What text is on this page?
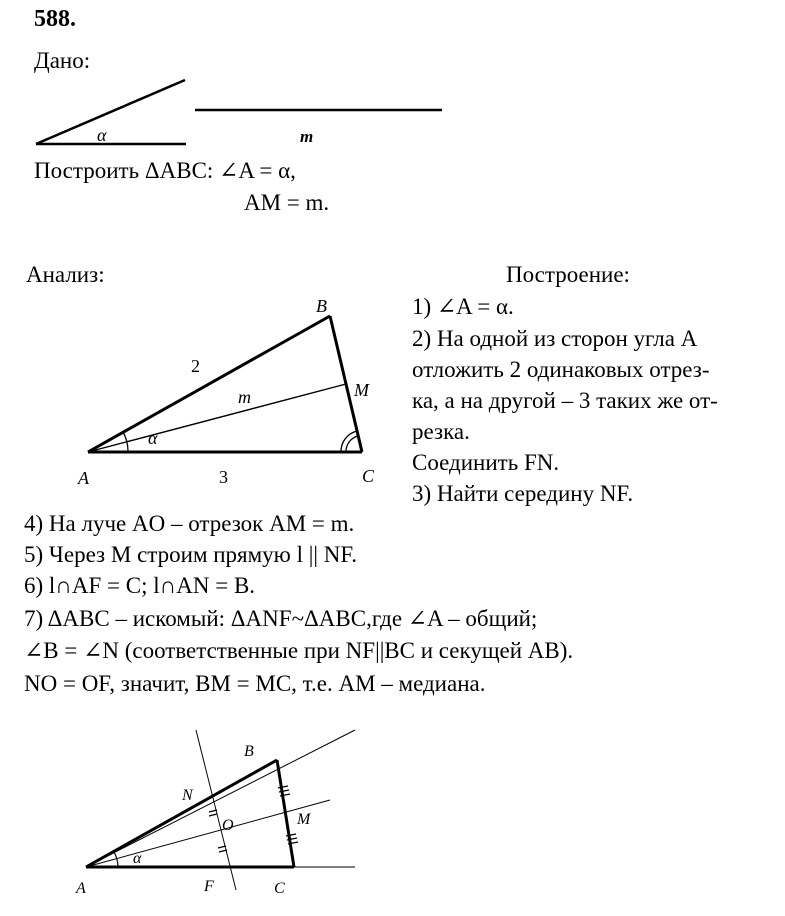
588.
Дано:
α	m
Построить ΔABC: ∠A = α,
AM = m.
Анализ:
A
B
C
M
m
α
2
3
Построение:
1) ∠A = α.
2) На одной из сторон угла A
отложить 2 одинаковых отрез-
ка, а на другой – 3 таких же от-
резка.
Соединить FN.
3) Найти середину NF.
4) На луче AO – отрезок AM = m.
5) Через M строим прямую l || NF.
6) l∩AF = C; l∩AN = B.
7) ΔABC – искомый: ΔANF~ΔABC,где ∠A – общий;
∠B = ∠N (соответственные при NF||BC и секущей AB).
NO = OF, значит, BM = MC, т.е. AM – медиана.
A
B
C
M
N
O
F
α
